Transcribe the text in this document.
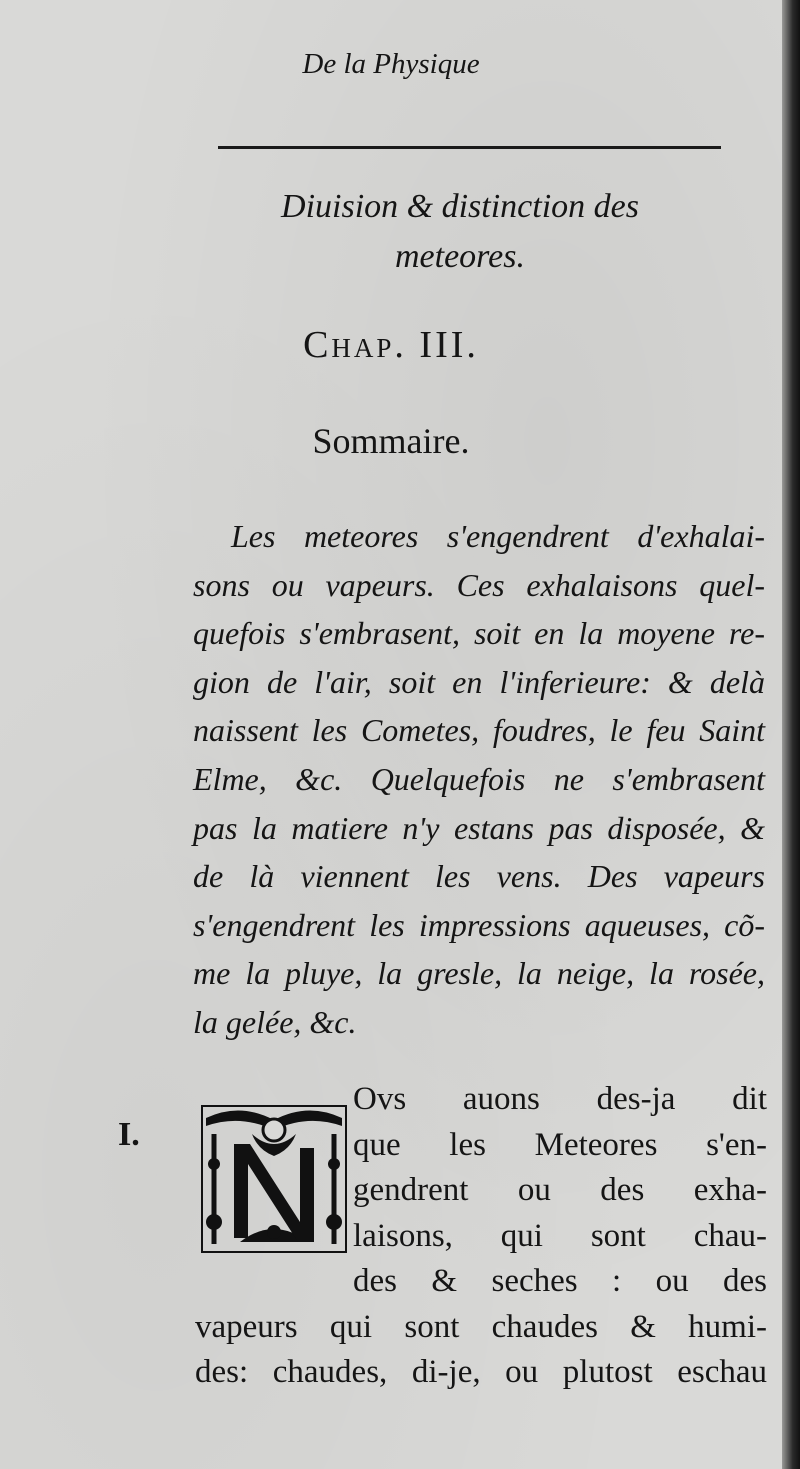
De la Physique
Diuision & distinction des
meteores.
Chap. III.
Sommaire.
Les meteores s'engendrent d'exhalai-
sons ou vapeurs. Ces exhalaisons quel-
quefois s'embrasent, soit en la moyene re-
gion de l'air, soit en l'inferieure: & delà
naissent les Cometes, foudres, le feu Saint
Elme, &c. Quelquefois ne s'embrasent
pas la matiere n'y estans pas disposée, &
de là viennent les vens. Des vapeurs
s'engendrent les impressions aqueuses, cõ-
me la pluye, la gresle, la neige, la rosée,
la gelée, &c.
I.
N
Ovs auons des-ja dit
que les Meteores s'en-
gendrent ou des exha-
laisons, qui sont chau-
des & seches : ou des
vapeurs qui sont chaudes & humi-
des: chaudes, di-je, ou plutost eschau
